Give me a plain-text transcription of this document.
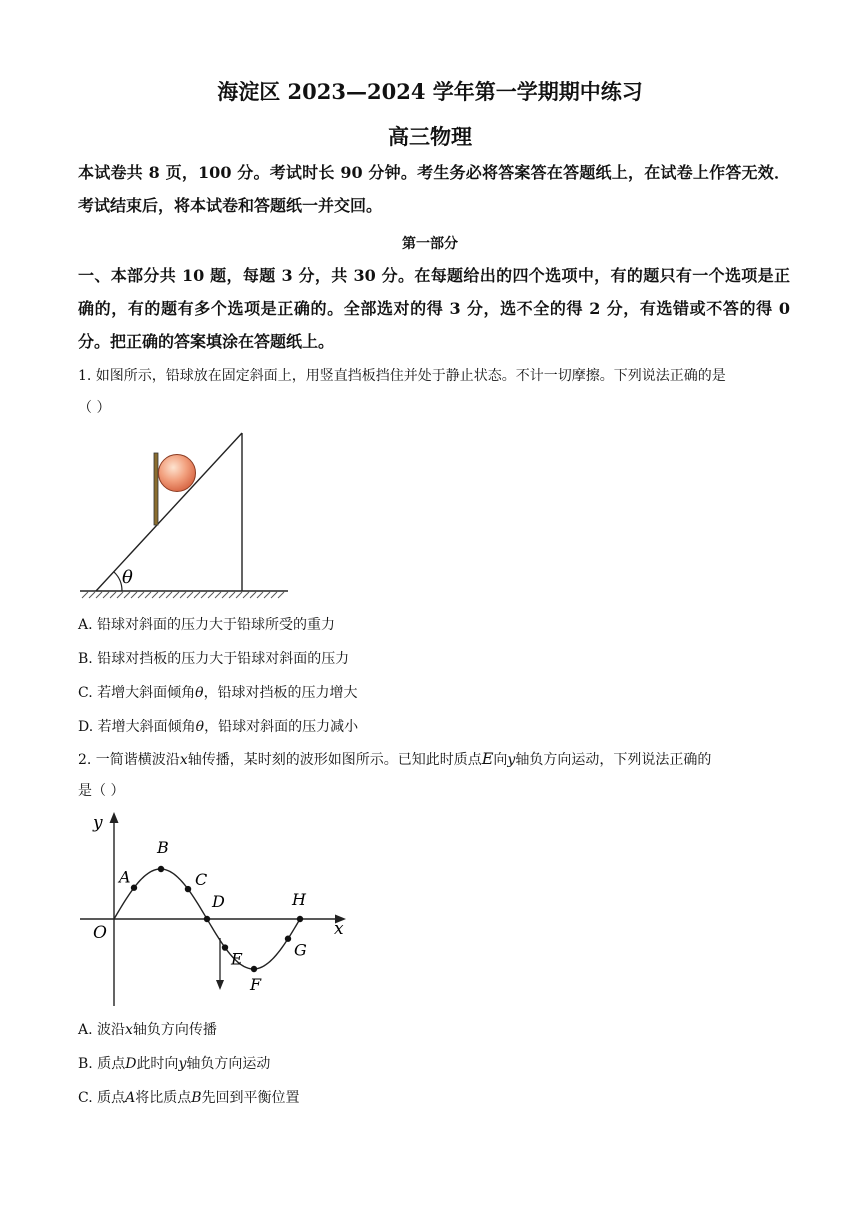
海淀区 2023—2024 学年第一学期期中练习
高三物理
本试卷共 8 页，100 分。考试时长 90 分钟。考生务必将答案答在答题纸上，在试卷上作答无效．考试结束后，将本试卷和答题纸一并交回。
第一部分
一、本部分共 10 题，每题 3 分，共 30 分。在每题给出的四个选项中，有的题只有一个选项是正确的，有的题有多个选项是正确的。全部选对的得 3 分，选不全的得 2 分，有选错或不答的得 0 分。把正确的答案填涂在答题纸上。
1. 如图所示，铅球放在固定斜面上，用竖直挡板挡住并处于静止状态。不计一切摩擦。下列说法正确的是
（ ）
θ
A. 铅球对斜面的压力大于铅球所受的重力
B. 铅球对挡板的压力大于铅球对斜面的压力
C. 若增大斜面倾角θ，铅球对挡板的压力增大
D. 若增大斜面倾角θ，铅球对斜面的压力减小
2. 一简谐横波沿x轴传播，某时刻的波形如图所示。已知此时质点E向y轴负方向运动，下列说法正确的
是（ ）
y
x
O
A
B
C
D
E
F
G
H
A. 波沿x轴负方向传播
B. 质点D此时向y轴负方向运动
C. 质点A将比质点B先回到平衡位置
